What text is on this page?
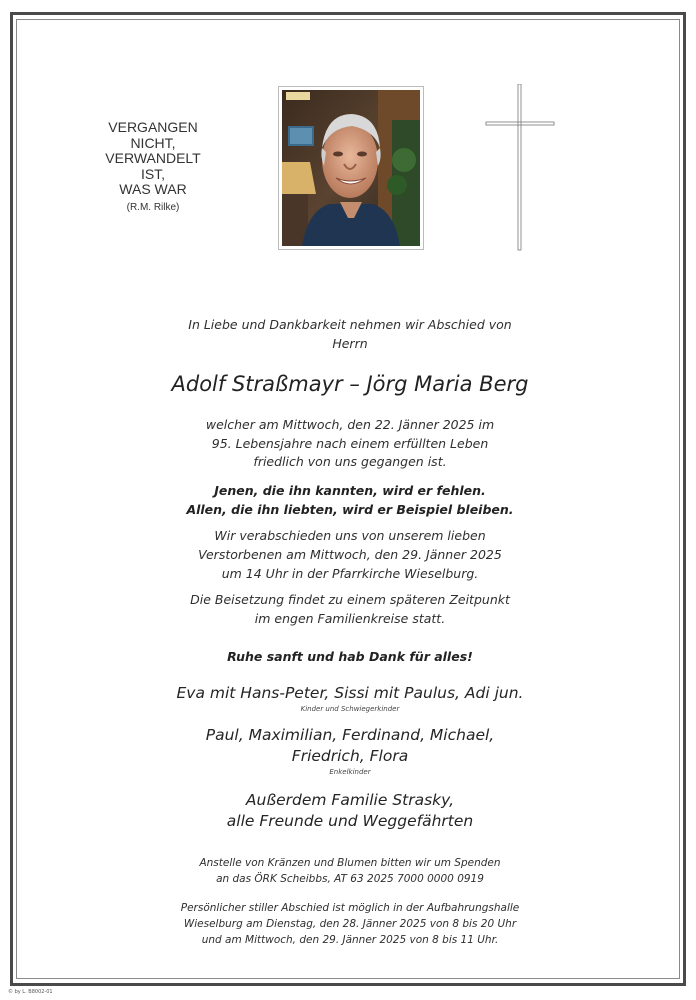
VERGANGEN
NICHT,
VERWANDELT
IST,
WAS WAR
(R.M. Rilke)
In Liebe und Dankbarkeit nehmen wir Abschied von
Herrn
Adolf Straßmayr – Jörg Maria Berg
welcher am Mittwoch, den 22. Jänner 2025 im
95. Lebensjahre nach einem erfüllten Leben
friedlich von uns gegangen ist.
Jenen, die ihn kannten, wird er fehlen.
Allen, die ihn liebten, wird er Beispiel bleiben.
Wir verabschieden uns von unserem lieben
Verstorbenen am Mittwoch, den 29. Jänner 2025
um 14 Uhr in der Pfarrkirche Wieselburg.
Die Beisetzung findet zu einem späteren Zeitpunkt
im engen Familienkreise statt.
Ruhe sanft und hab Dank für alles!
Eva mit Hans-Peter, Sissi mit Paulus, Adi jun.
Kinder und Schwiegerkinder
Paul, Maximilian, Ferdinand, Michael,
Friedrich, Flora
Enkelkinder
Außerdem Familie Strasky,
alle Freunde und Weggefährten
Anstelle von Kränzen und Blumen bitten wir um Spenden
an das ÖRK Scheibbs, AT 63 2025 7000 0000 0919
Persönlicher stiller Abschied ist möglich in der Aufbahrungshalle
Wieselburg am Dienstag, den 28. Jänner 2025 von 8 bis 20 Uhr
und am Mittwoch, den 29. Jänner 2025 von 8 bis 11 Uhr.
© by L. B8002-01
